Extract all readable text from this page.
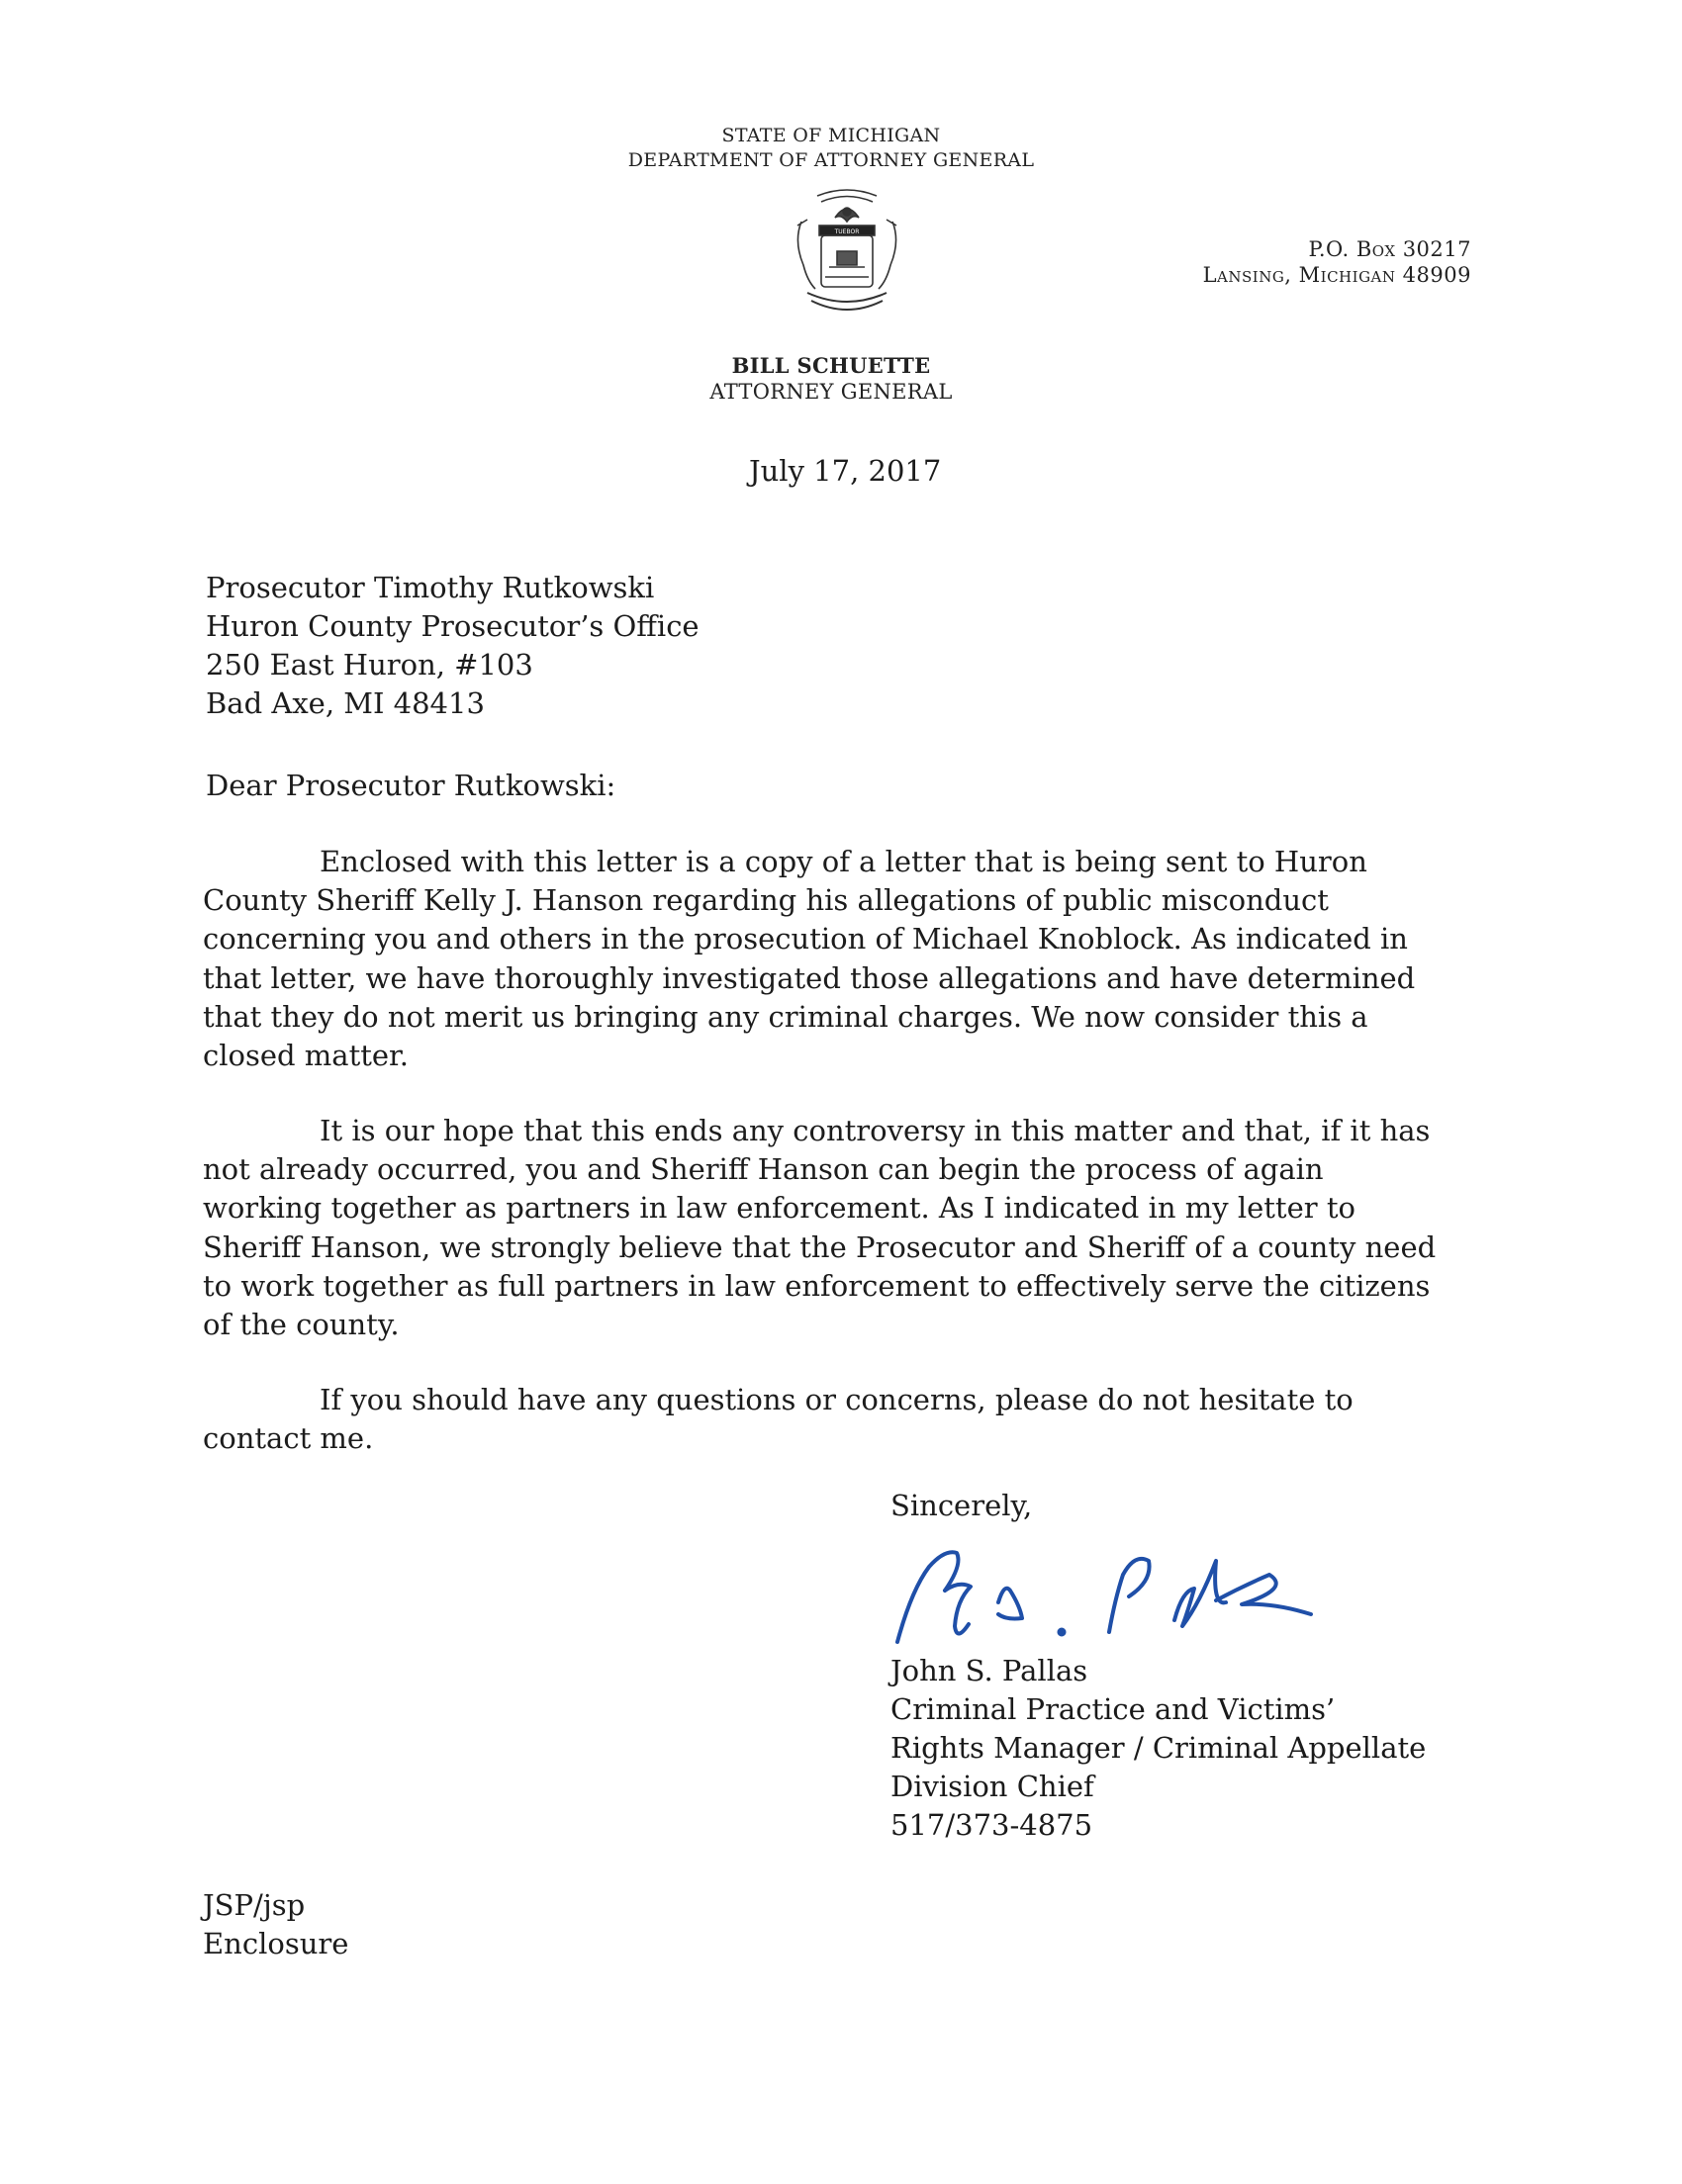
STATE OF MICHIGAN
DEPARTMENT OF ATTORNEY GENERAL
TUEBOR
P.O. Box 30217
Lansing, Michigan 48909
BILL SCHUETTE
ATTORNEY GENERAL
July 17, 2017
Prosecutor Timothy Rutkowski
Huron County Prosecutor’s Office
250 East Huron, #103
Bad Axe, MI 48413
Dear Prosecutor Rutkowski:
Enclosed with this letter is a copy of a letter that is being sent to Huron
County Sheriff Kelly J. Hanson regarding his allegations of public misconduct
concerning you and others in the prosecution of Michael Knoblock. As indicated in
that letter, we have thoroughly investigated those allegations and have determined
that they do not merit us bringing any criminal charges. We now consider this a
closed matter.
It is our hope that this ends any controversy in this matter and that, if it has
not already occurred, you and Sheriff Hanson can begin the process of again
working together as partners in law enforcement. As I indicated in my letter to
Sheriff Hanson, we strongly believe that the Prosecutor and Sheriff of a county need
to work together as full partners in law enforcement to effectively serve the citizens
of the county.
If you should have any questions or concerns, please do not hesitate to
contact me.
Sincerely,
John S. Pallas
Criminal Practice and Victims’
Rights Manager / Criminal Appellate
Division Chief
517/373-4875
JSP/jsp
Enclosure
